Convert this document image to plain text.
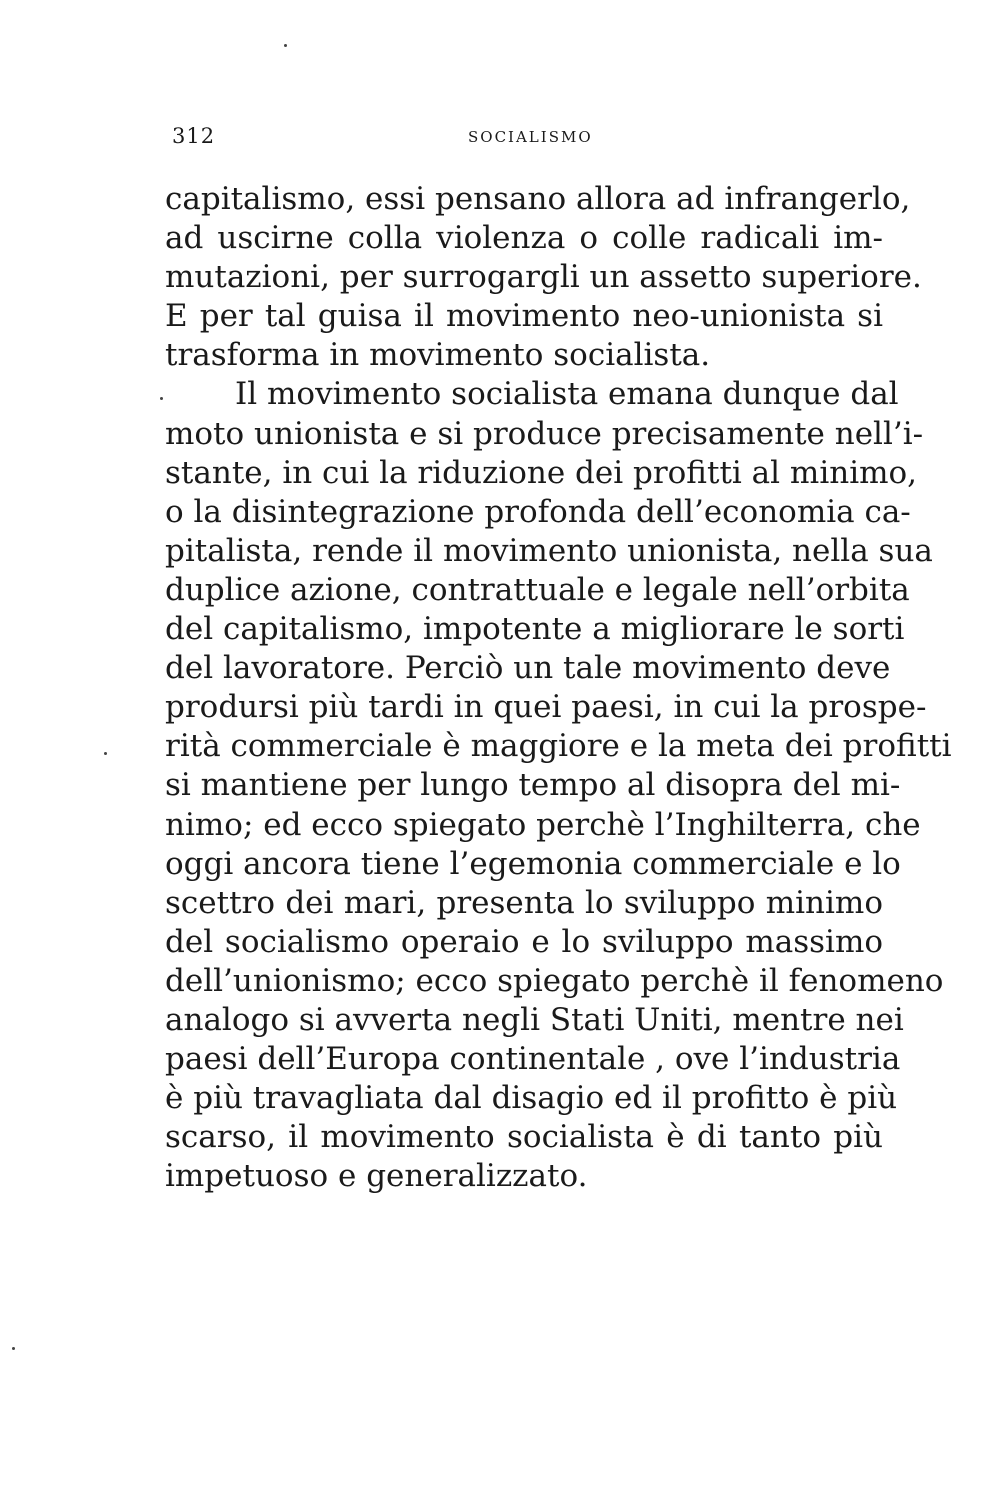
312	SOCIALISMO
capitalismo, essi pensano allora ad infrangerlo,
ad uscirne colla violenza o colle radicali im-
mutazioni, per surrogargli un assetto superiore.
E per tal guisa il movimento neo-unionista si
trasforma in movimento socialista.
Il movimento socialista emana dunque dal
moto unionista e si produce precisamente nell’i-
stante, in cui la riduzione dei profitti al minimo,
o la disintegrazione profonda dell’economia ca-
pitalista, rende il movimento unionista, nella sua
duplice azione, contrattuale e legale nell’orbita
del capitalismo, impotente a migliorare le sorti
del lavoratore. Perciò un tale movimento deve
prodursi più tardi in quei paesi, in cui la prospe-
rità commerciale è maggiore e la meta dei profitti
si mantiene per lungo tempo al disopra del mi-
nimo; ed ecco spiegato perchè l’Inghilterra, che
oggi ancora tiene l’egemonia commerciale e lo
scettro dei mari, presenta lo sviluppo minimo
del socialismo operaio e lo sviluppo massimo
dell’unionismo; ecco spiegato perchè il fenomeno
analogo si avverta negli Stati Uniti, mentre nei
paesi dell’Europa continentale , ove l’industria
è più travagliata dal disagio ed il profitto è più
scarso, il movimento socialista è di tanto più
impetuoso e generalizzato.
